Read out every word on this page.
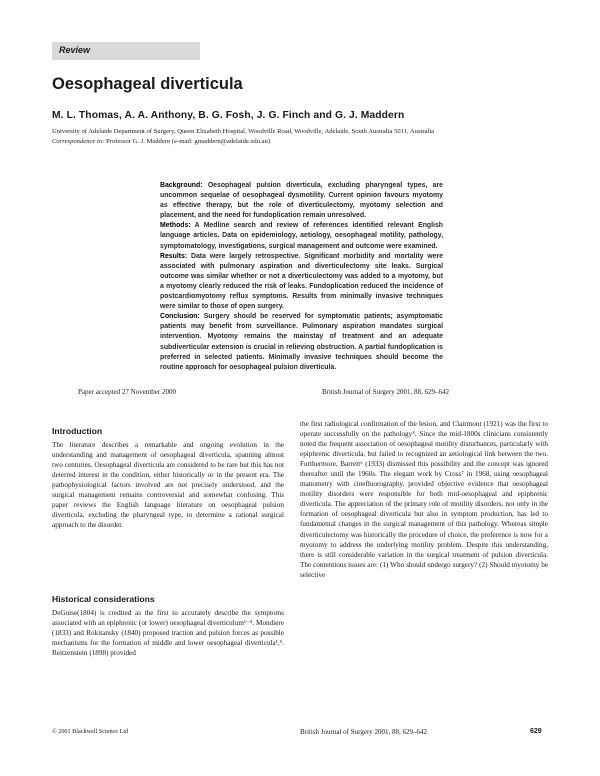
Review
Oesophageal diverticula
M. L. Thomas, A. A. Anthony, B. G. Fosh, J. G. Finch and G. J. Maddern
University of Adelaide Department of Surgery, Queen Elizabeth Hospital, Woodville Road, Woodville, Adelaide, South Australia 5011, Australia
Correspondence to: Professor G. J. Maddern (e-mail: gmaddern@adelaide.edu.au)

Background: Oesophageal pulsion diverticula, excluding pharyngeal types, are uncommon sequelae of oesophageal dysmotility. Current opinion favours myotomy as effective therapy, but the role of diverticulectomy, myotomy selection and placement, and the need for fundoplication remain unresolved.

Methods: A Medline search and review of references identified relevant English language articles. Data on epidemiology, aetiology, oesophageal motility, pathology, symptomatology, investigations, surgical management and outcome were examined.

Results: Data were largely retrospective. Significant morbidity and mortality were associated with pulmonary aspiration and diverticulectomy site leaks. Surgical outcome was similar whether or not a diverticulectomy was added to a myotomy, but a myotomy clearly reduced the risk of leaks. Fundoplication reduced the incidence of postcardiomyotomy reflux symptoms. Results from minimally invasive techniques were similar to those of open surgery.

Conclusion: Surgery should be reserved for symptomatic patients; asymptomatic patients may benefit from surveillance. Pulmonary aspiration mandates surgical intervention. Myotomy remains the mainstay of treatment and an adequate subdiverticular extension is crucial in relieving obstruction. A partial fundoplication is preferred in selected patients. Minimally invasive techniques should become the routine approach for oesophageal pulsion diverticula.

Paper accepted 27 November 2000	British Journal of Surgery 2001, 88, 629–642
Introduction

The literature describes a remarkable and ongoing evolution in the understanding and management of oesophageal diverticula, spanning almost two centuries. Oesophageal diverticula are considered to be rare but this has not deterred interest in the condition, either historically or in the present era. The pathophysiological factors involved are not precisely understood, and the surgical management remains controversial and somewhat confusing. This paper reviews the English language literature on oesophageal pulsion diverticula, excluding the pharyngeal type, to determine a rational surgical approach to the disorder.

Historical considerations

DeGuise(1804) is credited as the first to accurately describe the symptoms associated with an epiphrenic (or lower) oesophageal diverticulum¹⁻⁴. Mondiere (1833) and Rokitansky (1840) proposed traction and pulsion forces as possible mechanisms for the formation of middle and lower oesophageal diverticula¹,⁵. Reitzenstein (1898) provided

the first radiological confirmation of the lesion, and Clairmont (1921) was the first to operate successfully on the pathology⁴. Since the mid-1800s clinicians consistently noted the frequent association of oesophageal motility disturbances, particularly with epiphrenic diverticula, but failed to recognized an aetiological link between the two. Furthermore, Barrett⁶ (1933) dismissed this possibility and the concept was ignored thereafter until the 1960s. The elegant work by Cross⁷ in 1968, using oesophageal manometry with cinefluorography, provided objective evidence that oesophageal motility disorders were responsible for both mid-oesophageal and epiphrenic diverticula. The appreciation of the primary role of motility disorders, not only in the formation of oesophageal diverticula but also in symptom production, has led to fundamental changes in the surgical management of this pathology. Whereas simple diverticulectomy was historically the procedure of choice, the preference is now for a myotomy to address the underlying motility problem. Despite this understanding, there is still considerable variation in the surgical treatment of pulsion diverticula. The contentious issues are: (1) Who should undergo surgery? (2) Should myotomy be selective

© 2001 Blackwell Science Ltd	British Journal of Surgery 2001, 88, 629–642	629
